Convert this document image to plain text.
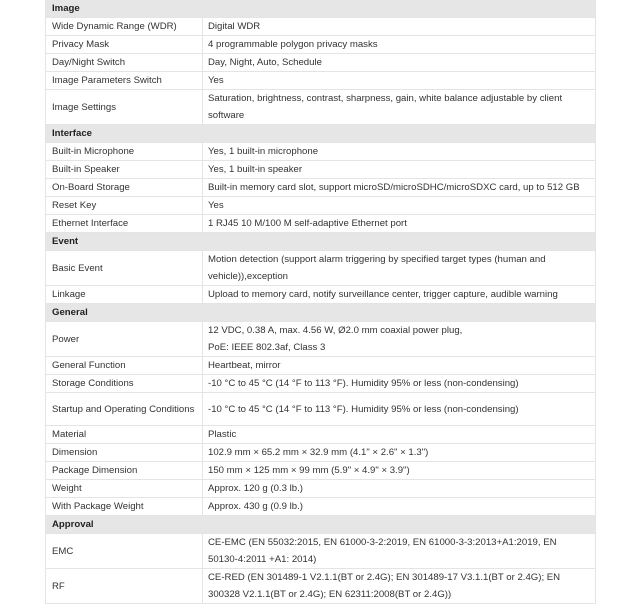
Image	
Wide Dynamic Range (WDR)	Digital WDR
Privacy Mask	4 programmable polygon privacy masks
Day/Night Switch	Day, Night, Auto, Schedule
Image Parameters Switch	Yes
Image Settings	Saturation, brightness, contrast, sharpness, gain, white balance adjustable by client software
Interface	
Built-in Microphone	Yes, 1 built-in microphone
Built-in Speaker	Yes, 1 built-in speaker
On-Board Storage	Built-in memory card slot, support microSD/microSDHC/microSDXC card, up to 512 GB
Reset Key	Yes
Ethernet Interface	1 RJ45 10 M/100 M self-adaptive Ethernet port
Event	
Basic Event	Motion detection (support alarm triggering by specified target types (human and vehicle)),exception
Linkage	Upload to memory card, notify surveillance center, trigger capture, audible warning
General	
Power	12 VDC, 0.38 A, max. 4.56 W, Ø2.0 mm coaxial power plug,
PoE: IEEE 802.3af, Class 3

General Function	Heartbeat, mirror
Storage Conditions	-10 °C to 45 °C (14 °F to 113 °F). Humidity 95% or less (non-condensing)
Startup and Operating Conditions	-10 °C to 45 °C (14 °F to 113 °F). Humidity 95% or less (non-condensing)
Material	Plastic
Dimension	102.9 mm × 65.2 mm × 32.9 mm (4.1" × 2.6" × 1.3")
Package Dimension	150 mm × 125 mm × 99 mm (5.9" × 4.9" × 3.9")
Weight	Approx. 120 g (0.3 lb.)
With Package Weight	Approx. 430 g (0.9 lb.)
Approval	
EMC	CE-EMC (EN 55032:2015, EN 61000-3-2:2019, EN 61000-3-3:2013+A1:2019, EN 50130-4:2011 +A1: 2014)
RF	CE-RED (EN 301489-1 V2.1.1(BT or 2.4G); EN 301489-17 V3.1.1(BT or 2.4G); EN 300328 V2.1.1(BT or 2.4G); EN 62311:2008(BT or 2.4G))
